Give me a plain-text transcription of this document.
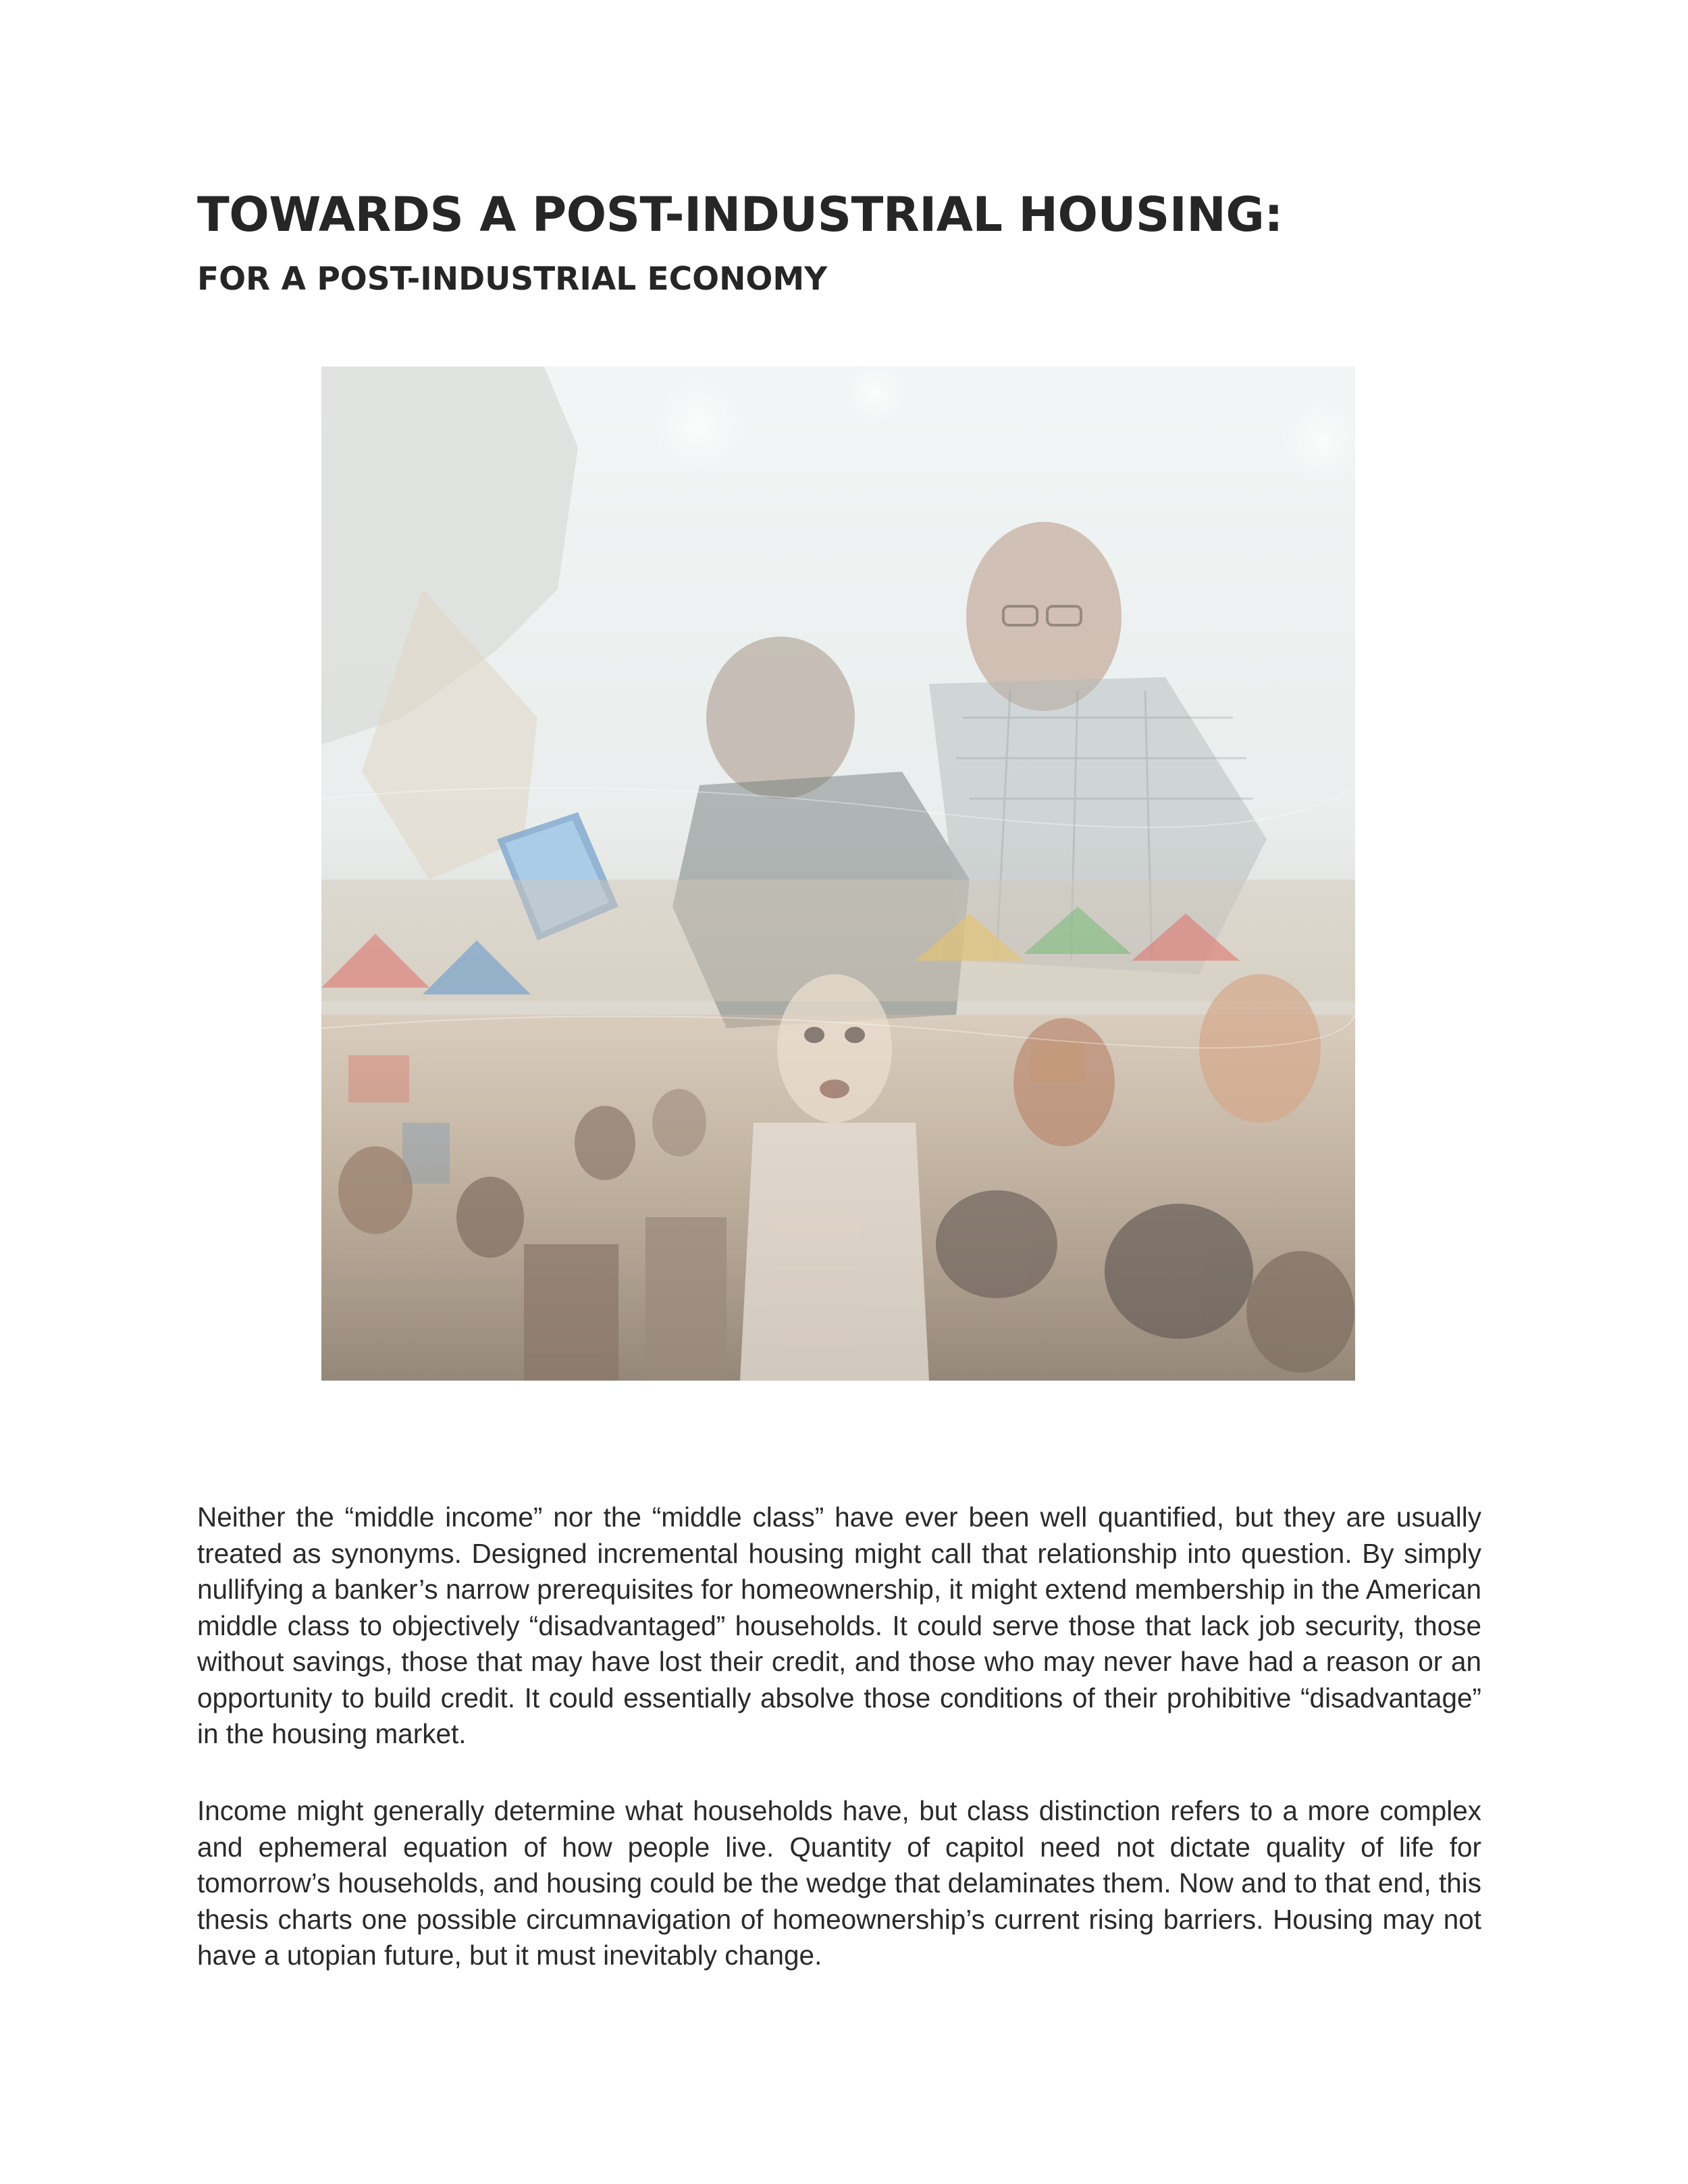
TOWARDS A POST-INDUSTRIAL HOUSING:
FOR A POST-INDUSTRIAL ECONOMY

Neither the “middle income” nor the “middle class” have ever been well quantified, but they are usually treated as synonyms. Designed incremental housing might call that relationship into question. By simply nullifying a banker’s narrow prerequisites for homeownership, it might extend membership in the American middle class to objectively “disadvantaged” households. It could serve those that lack job security, those without savings, those that may have lost their credit, and those who may never have had a reason or an opportunity to build credit. It could essentially absolve those conditions of their prohibitive “disadvantage” in the housing market.

Income might generally determine what households have, but class distinction refers to a more complex and ephemeral equation of how people live. Quantity of capitol need not dictate quality of life for tomorrow’s households, and housing could be the wedge that delaminates them. Now and to that end, this thesis charts one possible circumnavigation of homeownership’s current rising barriers. Housing may not have a utopian future, but it must inevitably change.
